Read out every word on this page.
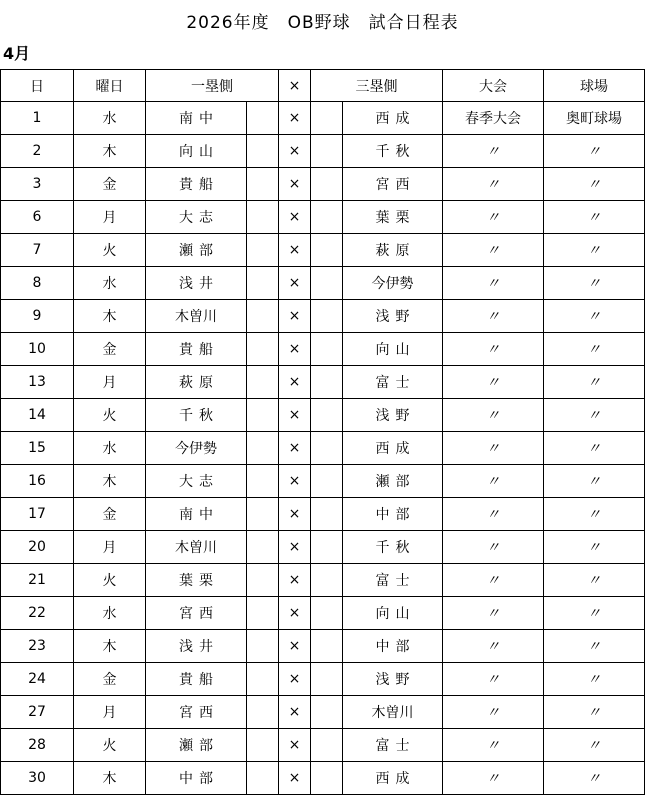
2026年度　OB野球　試合日程表
4月
日	曜日	一塁側		×	三塁側		大会	球場
1	水	南中		×		西成	春季大会	奥町球場
2	木	向山		×		千秋	〃	〃
3	金	貴船		×		宮西	〃	〃
6	月	大志		×		葉栗	〃	〃
7	火	瀬部		×		萩原	〃	〃
8	水	浅井		×		今伊勢	〃	〃
9	木	木曽川		×		浅野	〃	〃
10	金	貴船		×		向山	〃	〃
13	月	萩原		×		富士	〃	〃
14	火	千秋		×		浅野	〃	〃
15	水	今伊勢		×		西成	〃	〃
16	木	大志		×		瀬部	〃	〃
17	金	南中		×		中部	〃	〃
20	月	木曽川		×		千秋	〃	〃
21	火	葉栗		×		富士	〃	〃
22	水	宮西		×		向山	〃	〃
23	木	浅井		×		中部	〃	〃
24	金	貴船		×		浅野	〃	〃
27	月	宮西		×		木曽川	〃	〃
28	火	瀬部		×		富士	〃	〃
30	木	中部		×		西成	〃	〃
